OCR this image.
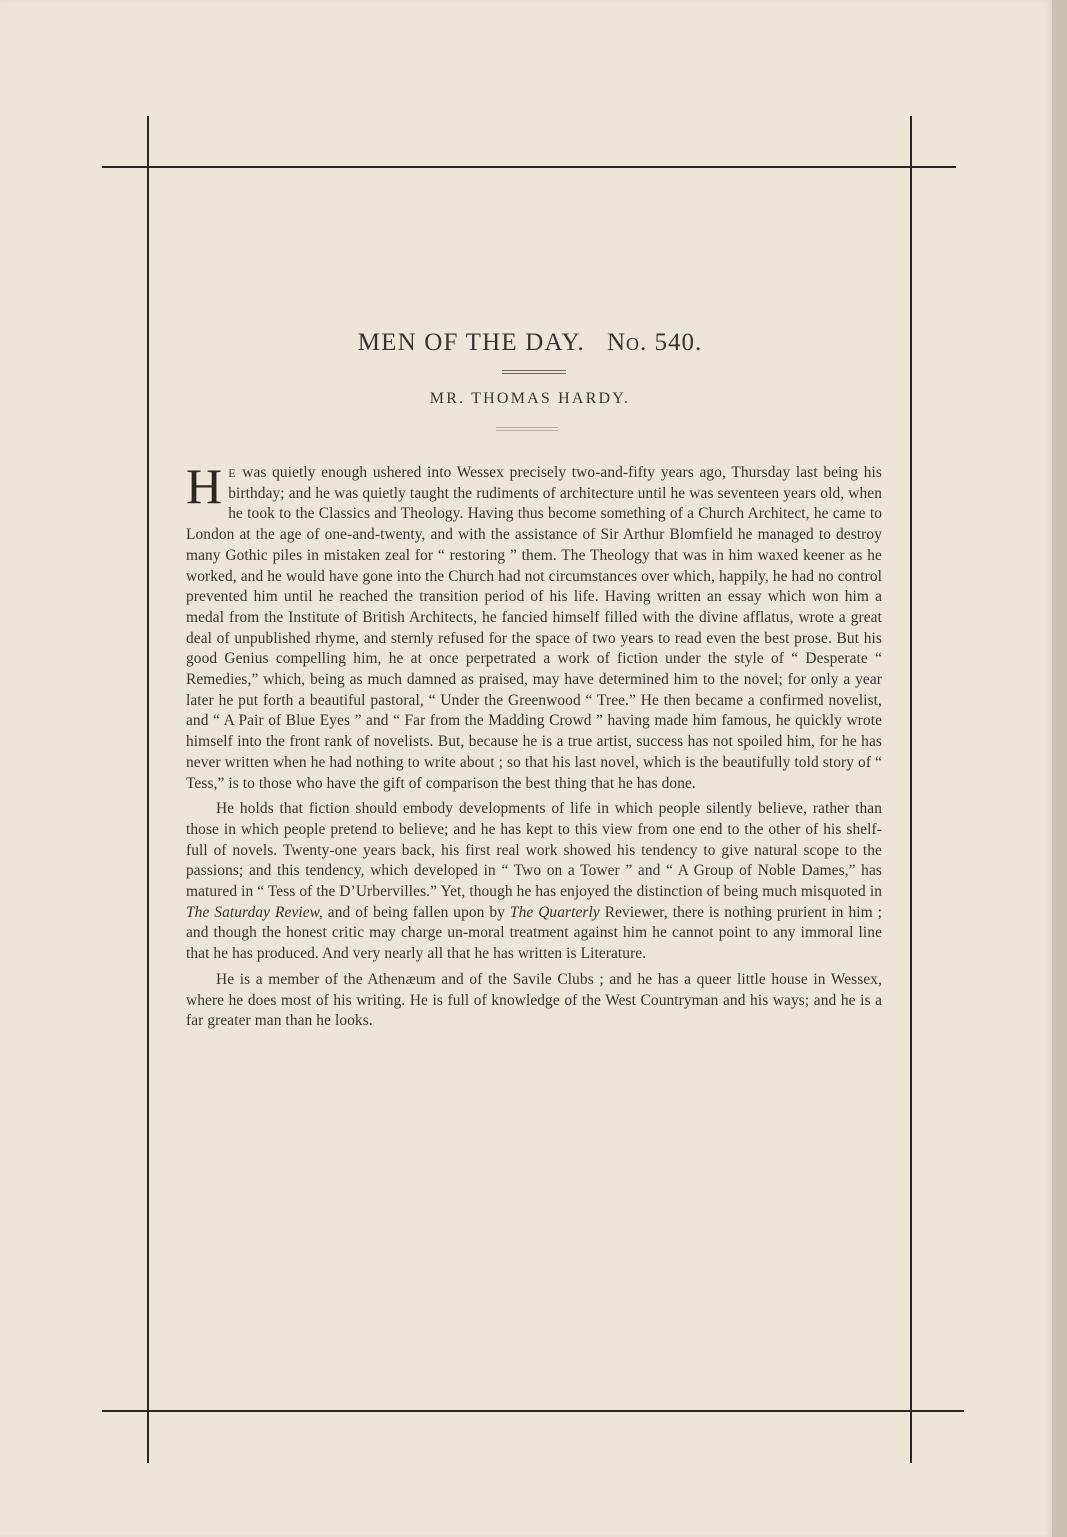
MEN OF THE DAY. No. 540.
MR. THOMAS HARDY.

H E was quietly enough ushered into Wessex precisely two-and-fifty years ago, Thursday last being his birthday; and he was quietly taught the rudiments of architecture until he was seventeen years old, when he took to the Classics and Theology. Having thus become something of a Church Architect, he came to London at the age of one-and-twenty, and with the assistance of Sir Arthur Blomfield he managed to destroy many Gothic piles in mistaken zeal for “ restoring ” them. The Theology that was in him waxed keener as he worked, and he would have gone into the Church had not circumstances over which, happily, he had no control prevented him until he reached the transition period of his life. Having written an essay which won him a medal from the Institute of British Architects, he fancied himself filled with the divine afflatus, wrote a great deal of unpublished rhyme, and sternly refused for the space of two years to read even the best prose. But his good Genius compelling him, he at once perpetrated a work of fiction under the style of “ Desperate “ Remedies,” which, being as much damned as praised, may have determined him to the novel; for only a year later he put forth a beautiful pastoral, “ Under the Greenwood “ Tree.” He then became a confirmed novelist, and “ A Pair of Blue Eyes ” and “ Far from the Madding Crowd ” having made him famous, he quickly wrote himself into the front rank of novelists. But, because he is a true artist, success has not spoiled him, for he has never written when he had nothing to write about ; so that his last novel, which is the beautifully told story of “ Tess,” is to those who have the gift of comparison the best thing that he has done.

He holds that fiction should embody developments of life in which people silently believe, rather than those in which people pretend to believe; and he has kept to this view from one end to the other of his shelf-full of novels. Twenty-one years back, his first real work showed his tendency to give natural scope to the passions; and this tendency, which developed in “ Two on a Tower ” and “ A Group of Noble Dames,” has matured in “ Tess of the D’Urbervilles.” Yet, though he has enjoyed the distinction of being much misquoted in The Saturday Review, and of being fallen upon by The Quarterly Reviewer, there is nothing prurient in him ; and though the honest critic may charge un-moral treatment against him he cannot point to any immoral line that he has produced. And very nearly all that he has written is Literature.

He is a member of the Athenæum and of the Savile Clubs ; and he has a queer little house in Wessex, where he does most of his writing. He is full of knowledge of the West Countryman and his ways; and he is a far greater man than he looks.
